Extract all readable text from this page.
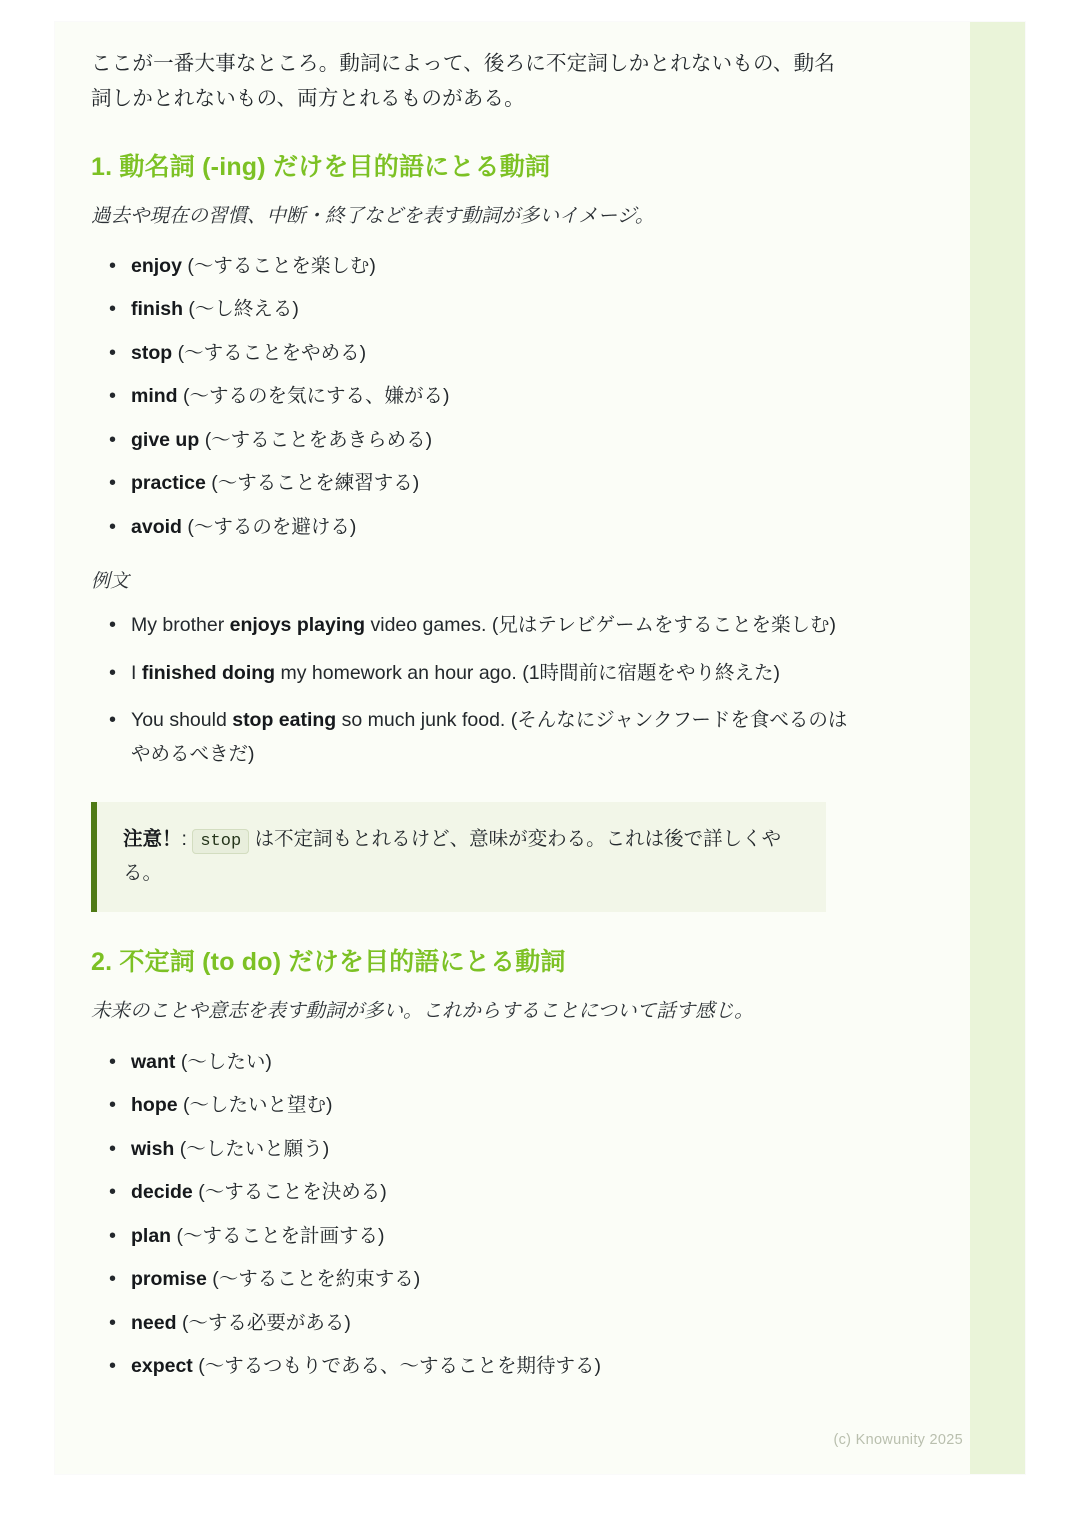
ここが一番大事なところ。動詞によって、後ろに不定詞しかとれないもの、動名詞しかとれないもの、両方とれるものがある。

1. 動名詞 (-ing) だけを目的語にとる動詞

過去や現在の習慣、中断・終了などを表す動詞が多いイメージ。

• enjoy (〜することを楽しむ)
• finish (〜し終える)
• stop (〜することをやめる)
• mind (〜するのを気にする、嫌がる)
• give up (〜することをあきらめる)
• practice (〜することを練習する)
• avoid (〜するのを避ける)

例文

• My brother enjoys playing video games. (兄はテレビゲームをすることを楽しむ)
• I finished doing my homework an hour ago. (1時間前に宿題をやり終えた)
• You should stop eating so much junk food. (そんなにジャンクフードを食べるのはやめるべきだ)
注意！: stop は不定詞もとれるけど、意味が変わる。これは後で詳しくやる。
2. 不定詞 (to do) だけを目的語にとる動詞

未来のことや意志を表す動詞が多い。これからすることについて話す感じ。

• want (〜したい)
• hope (〜したいと望む)
• wish (〜したいと願う)
• decide (〜することを決める)
• plan (〜することを計画する)
• promise (〜することを約束する)
• need (〜する必要がある)
• expect (〜するつもりである、〜することを期待する)
(c) Knowunity 2025
